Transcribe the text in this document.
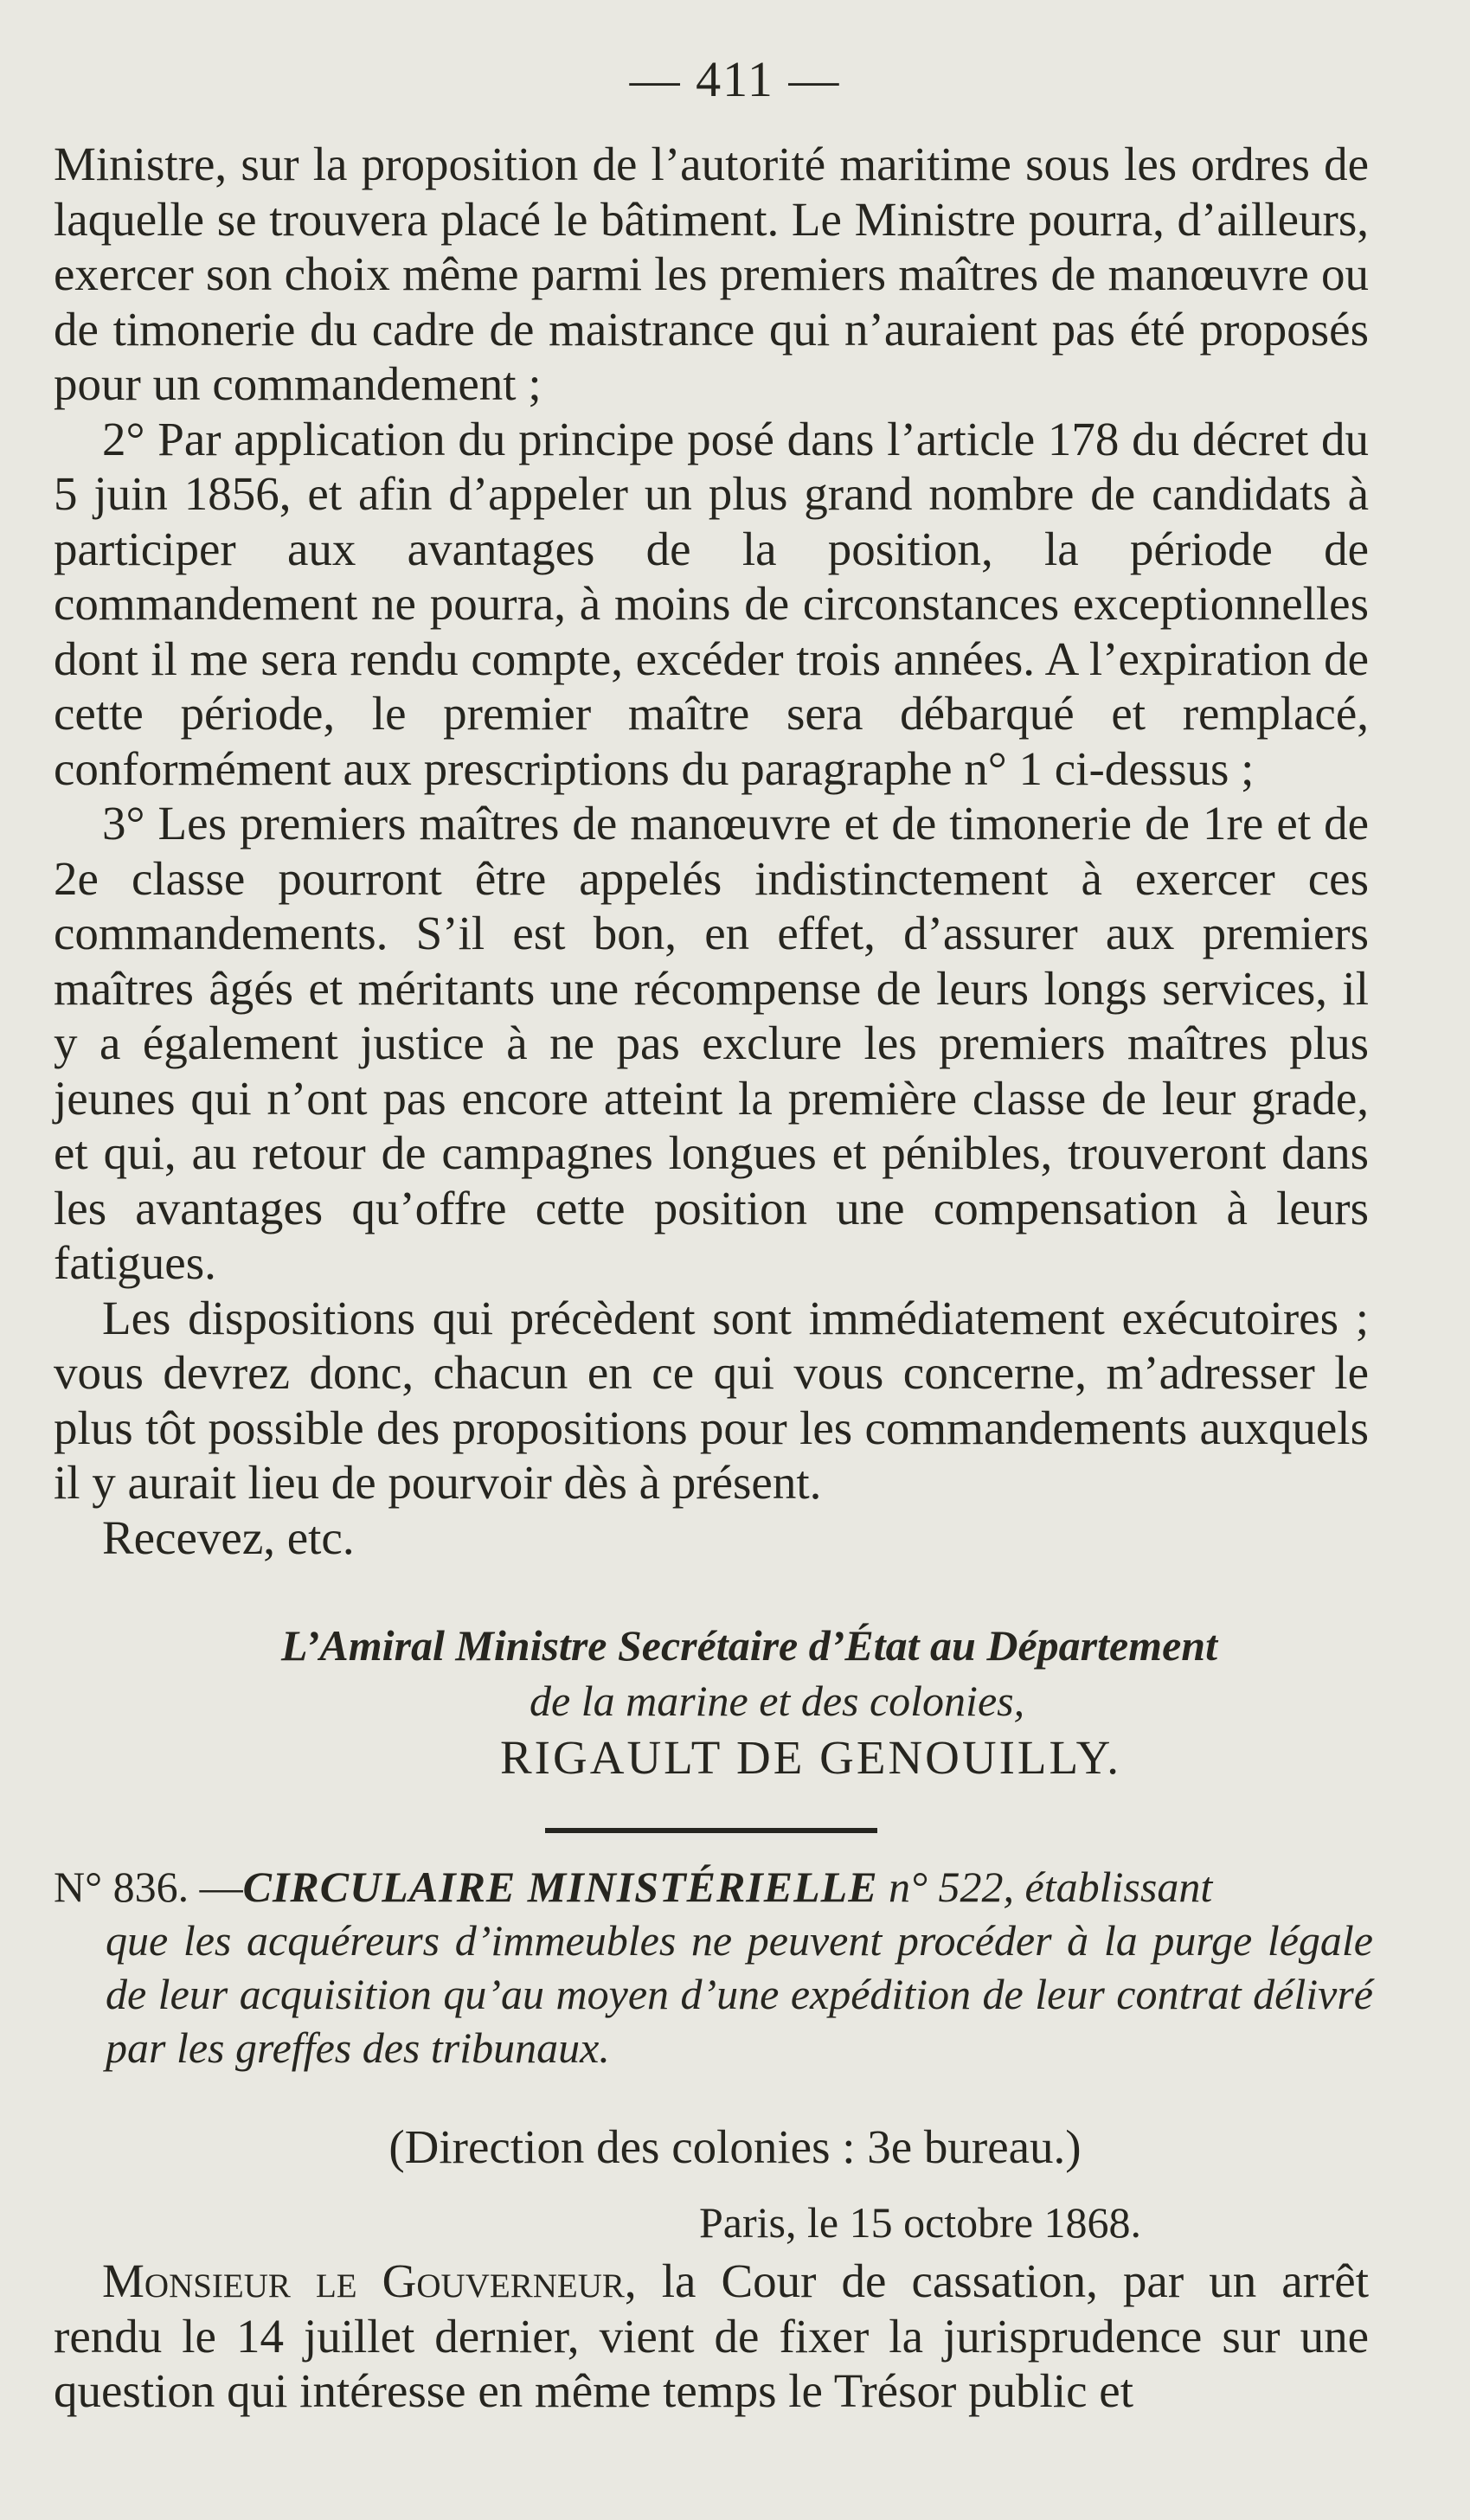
— 411 —

Ministre, sur la proposition de l’autorité maritime sous les ordres de laquelle se trouvera placé le bâtiment. Le Ministre pourra, d’ailleurs, exercer son choix même parmi les premiers maîtres de manœuvre ou de timonerie du cadre de maistrance qui n’auraient pas été proposés pour un commandement ;

2° Par application du principe posé dans l’article 178 du décret du 5 juin 1856, et afin d’appeler un plus grand nombre de candidats à participer aux avantages de la position, la période de commandement ne pourra, à moins de circonstances exceptionnelles dont il me sera rendu compte, excéder trois années. A l’expiration de cette période, le premier maître sera débarqué et remplacé, conformément aux prescriptions du paragraphe n° 1 ci-dessus ;

3° Les premiers maîtres de manœuvre et de timonerie de 1re et de 2e classe pourront être appelés indistinctement à exercer ces commandements. S’il est bon, en effet, d’assurer aux premiers maîtres âgés et méritants une récompense de leurs longs services, il y a également justice à ne pas exclure les premiers maîtres plus jeunes qui n’ont pas encore atteint la première classe de leur grade, et qui, au retour de campagnes longues et pénibles, trouveront dans les avantages qu’offre cette position une compensation à leurs fatigues.

Les dispositions qui précèdent sont immédiatement exécutoires ; vous devrez donc, chacun en ce qui vous concerne, m’adresser le plus tôt possible des propositions pour les commandements auxquels il y aurait lieu de pourvoir dès à présent.

Recevez, etc.

L’Amiral Ministre Secrétaire d’État au Département
de la marine et des colonies,
RIGAULT DE GENOUILLY.
N° 836. —CIRCULAIRE MINISTÉRIELLE n° 522, établissant
que les acquéreurs d’immeubles ne peuvent procéder à la purge légale de leur acquisition qu’au moyen d’une expédition de leur contrat délivré par les greffes des tribunaux.
(Direction des colonies : 3e bureau.)
Paris, le 15 octobre 1868.

Monsieur le Gouverneur, la Cour de cassation, par un arrêt rendu le 14 juillet dernier, vient de fixer la jurisprudence sur une question qui intéresse en même temps le Trésor public et
